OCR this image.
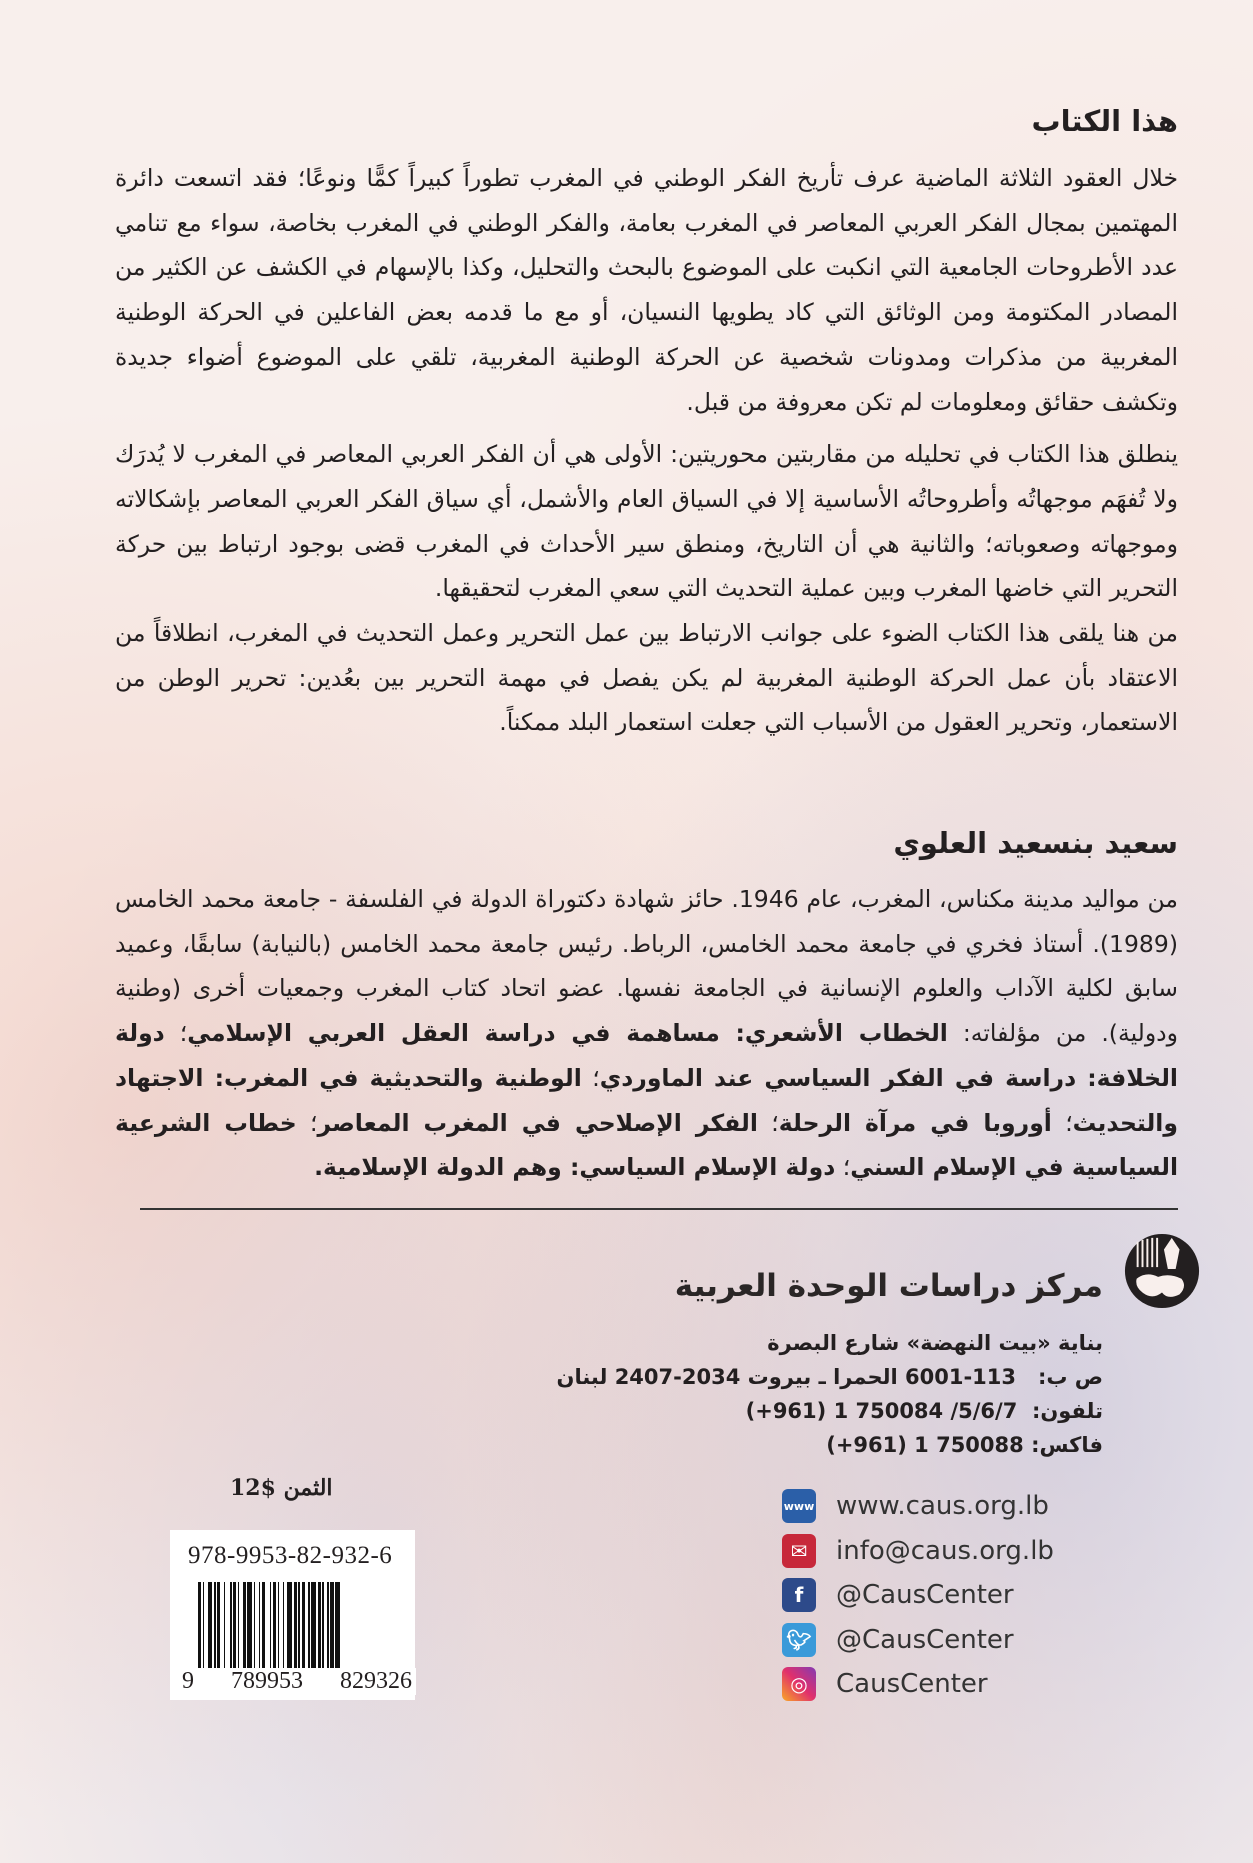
هذا الكتاب

خلال العقود الثلاثة الماضية عرف تأريخ الفكر الوطني في المغرب تطوراً كبيراً كمًّا ونوعًا؛ فقد اتسعت دائرة المهتمين بمجال الفكر العربي المعاصر في المغرب بعامة، والفكر الوطني في المغرب بخاصة، سواء مع تنامي عدد الأطروحات الجامعية التي انكبت على الموضوع بالبحث والتحليل، وكذا بالإسهام في الكشف عن الكثير من المصادر المكتومة ومن الوثائق التي كاد يطويها النسيان، أو مع ما قدمه بعض الفاعلين في الحركة الوطنية المغربية من مذكرات ومدونات شخصية عن الحركة الوطنية المغربية، تلقي على الموضوع أضواء جديدة وتكشف حقائق ومعلومات لم تكن معروفة من قبل.

ينطلق هذا الكتاب في تحليله من مقاربتين محوريتين: الأولى هي أن الفكر العربي المعاصر في المغرب لا يُدرَك ولا تُفهَم موجهاتُه وأطروحاتُه الأساسية إلا في السياق العام والأشمل، أي سياق الفكر العربي المعاصر بإشكالاته وموجهاته وصعوباته؛ والثانية هي أن التاريخ، ومنطق سير الأحداث في المغرب قضى بوجود ارتباط بين حركة التحرير التي خاضها المغرب وبين عملية التحديث التي سعي المغرب لتحقيقها.

من هنا يلقى هذا الكتاب الضوء على جوانب الارتباط بين عمل التحرير وعمل التحديث في المغرب، انطلاقاً من الاعتقاد بأن عمل الحركة الوطنية المغربية لم يكن يفصل في مهمة التحرير بين بعُدين: تحرير الوطن من الاستعمار، وتحرير العقول من الأسباب التي جعلت استعمار البلد ممكناً.

سعيد بنسعيد العلوي

من مواليد مدينة مكناس، المغرب، عام 1946. حائز شهادة دكتوراة الدولة في الفلسفة - جامعة محمد الخامس (1989). أستاذ فخري في جامعة محمد الخامس، الرباط. رئيس جامعة محمد الخامس (بالنيابة) سابقًا، وعميد سابق لكلية الآداب والعلوم الإنسانية في الجامعة نفسها. عضو اتحاد كتاب المغرب وجمعيات أخرى (وطنية ودولية). من مؤلفاته: الخطاب الأشعري: مساهمة في دراسة العقل العربي الإسلامي؛ دولة الخلافة: دراسة في الفكر السياسي عند الماوردي؛ الوطنية والتحديثية في المغرب: الاجتهاد والتحديث؛ أوروبا في مرآة الرحلة؛ الفكر الإصلاحي في المغرب المعاصر؛ خطاب الشرعية السياسية في الإسلام السني؛ دولة الإسلام السياسي: وهم الدولة الإسلامية.

مركز دراسات الوحدة العربية
بناية «بيت النهضة» شارع البصرة
ص ب:   113-6001 الحمرا ـ بيروت 2034-2407 لبنان
تلفون:  (+961) 1 750084 /5/6/7
فاكس: (+961) 1 750088
www www.caus.org.lb
✉	info@caus.org.lb
f	@CausCenter
🐦︎ @CausCenter
◎	CausCenter
الثمن $12
978-9953-82-932-6
9 789953 829326
